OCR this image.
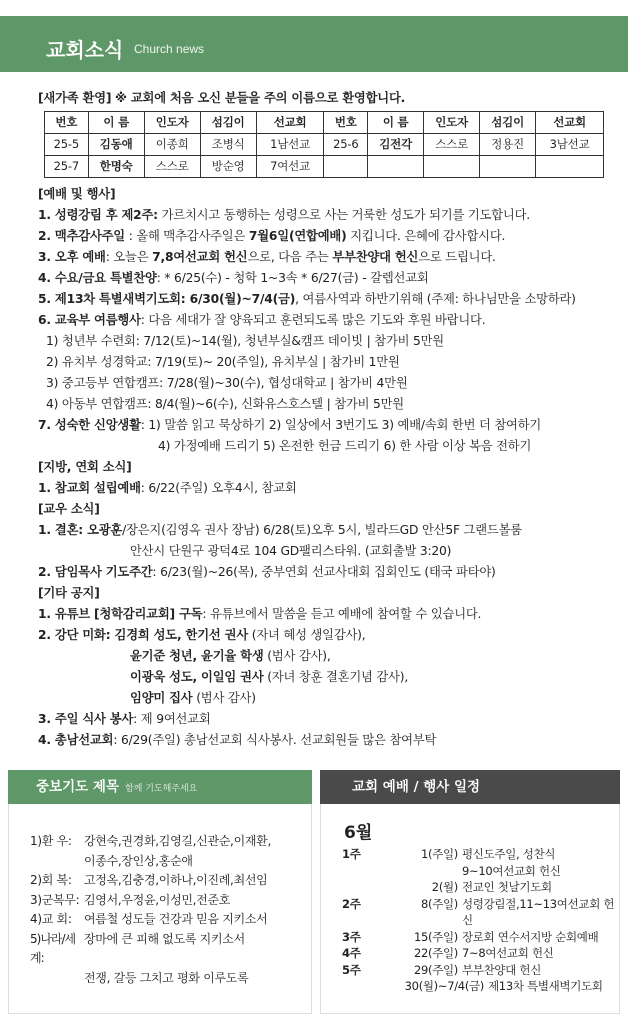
교회소식 Church news
[새가족 환영] ※ 교회에 처음 오신 분들을 주의 이름으로 환영합니다.
번호	이 름	인도자	섬김이	선교회	번호	이 름	인도자	섬김이	선교회
25-5	김동애	이종희	조병식	1남선교	25-6	김전각	스스로	정용진	3남선교
25-7	한명숙	스스로	방순영	7여선교					
[예배 및 행사]
1. 성령강림 후 제2주: 가르치시고 동행하는 성령으로 사는 거룩한 성도가 되기를 기도합니다.
2. 맥추감사주일 : 올해 맥추감사주일은 7월6일(연합예배) 지킵니다. 은혜에 감사합시다.
3. 오후 예배: 오늘은 7,8여선교회 헌신으로, 다음 주는 부부찬양대 헌신으로 드립니다.
4. 수요/금요 특별찬양: * 6/25(수) - 청학 1~3속 * 6/27(금) - 갈렙선교회
5. 제13차 특별새벽기도회: 6/30(월)~7/4(금), 여름사역과 하반기위해 (주제: 하나님만을 소망하라)
6. 교육부 여름행사: 다음 세대가 잘 양육되고 훈련되도록 많은 기도와 후원 바랍니다.
1) 청년부 수련회: 7/12(토)~14(월), 청년부실&캠프 데이빗 | 참가비 5만원
2) 유치부 성경학교: 7/19(토)~ 20(주일), 유치부실 | 참가비 1만원
3) 중고등부 연합캠프: 7/28(월)~30(수), 협성대학교 | 참가비 4만원
4) 아동부 연합캠프: 8/4(월)~6(수), 신화유스호스텔 | 참가비 5만원
7. 성숙한 신앙생활: 1) 말씀 읽고 묵상하기 2) 일상에서 3번기도 3) 예배/속회 한번 더 참여하기
4) 가정예배 드리기 5) 온전한 헌금 드리기 6) 한 사람 이상 복음 전하기
[지방, 연회 소식]
1. 참교회 설립예배: 6/22(주일) 오후4시, 참교회
[교우 소식]
1. 결혼: 오광훈/장은지(김영옥 권사 장남) 6/28(토)오후 5시, 빌라드GD 안산5F 그랜드볼룸
안산시 단원구 광덕4로 104 GD팰리스타워. (교회출발 3:20)
2. 담임목사 기도주간: 6/23(월)~26(목), 중부연회 선교사대회 집회인도 (태국 파타야)
[기타 공지]
1. 유튜브 [청학감리교회] 구독: 유튜브에서 말씀을 듣고 예배에 참여할 수 있습니다.
2. 강단 미화: 김경희 성도, 한기선 권사 (자녀 혜성 생일감사),
윤기준 청년, 윤기율 학생 (범사 감사),
이광욱 성도, 이일임 권사 (자녀 창훈 결혼기념 감사),
임양미 집사 (범사 감사)
3. 주일 식사 봉사: 제 9여선교회
4. 총남선교회: 6/29(주일) 총남선교회 식사봉사. 선교회원들 많은 참여부탁
중보기도 제목 함께 기도해주세요	교회 예배 / 행사 일정
1)환 우:	강현숙,권경화,김영길,신관순,이재환,
이종수,장인상,홍순애
2)회 복:	고정옥,김충경,이하나,이진례,최선임
3)군복무: 김영서,우정윤,이성민,전준호
4)교 회:	여름철 성도들 건강과 믿음 지키소서
5)나라/세계:
장마에 큰 피해 없도록 지키소서
전쟁, 갈등 그치고 평화 이루도록
6월
1주	1(주일) 평신도주일, 성찬식
9~10여선교회 헌신
2(월) 전교인 첫날기도회
2주	8(주일) 성령강림절,11~13여선교회 헌신
3주	15(주일) 장로회 연수서지방 순회예배
4주	22(주일) 7~8여선교회 헌신
5주	29(주일) 부부찬양대 헌신
30(월)~7/4(금) 제13차 특별새벽기도회
